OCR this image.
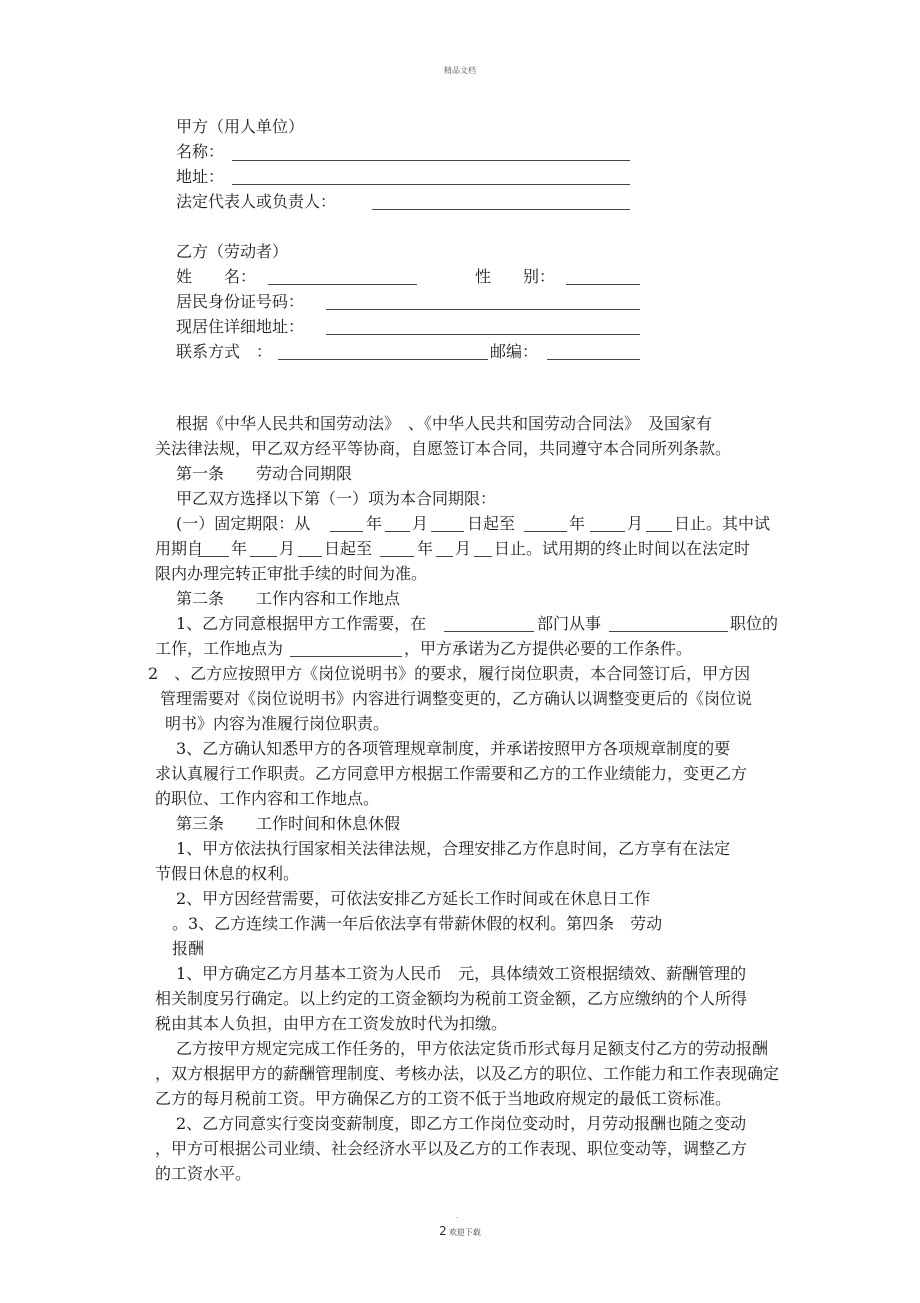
精品文档
甲方（用人单位）
名称：
地址：
法定代表人或负责人：
乙方（劳动者）
姓　　名：	性　　别：
居民身份证号码：
现居住详细地址：
联系方式　：	邮编：
根据《中华人民共和国劳动法》　、《中华人民共和国劳动合同法》　及国家有
关法律法规，甲乙双方经平等协商，自愿签订本合同，共同遵守本合同所列条款。
第一条　　劳动合同期限
甲乙双方选择以下第（一）项为本合同期限：
(一）固定期限：从	年 月 日起至	年	月 日止。其中试
用期自 年 月 日起至	年 月 日止。试用期的终止时间以在法定时
限内办理完转正审批手续的时间为准。
第二条　　工作内容和工作地点
1、乙方同意根据甲方工作需要，在	部门从事	职位的
工作，工作地点为	，甲方承诺为乙方提供必要的工作条件。
2　、乙方应按照甲方《岗位说明书》的要求，履行岗位职责，本合同签订后，甲方因
管理需要对《岗位说明书》内容进行调整变更的，乙方确认以调整变更后的《岗位说
明书》内容为准履行岗位职责。
3、乙方确认知悉甲方的各项管理规章制度，并承诺按照甲方各项规章制度的要
求认真履行工作职责。乙方同意甲方根据工作需要和乙方的工作业绩能力，变更乙方
的职位、工作内容和工作地点。
第三条　　工作时间和休息休假
1、甲方依法执行国家相关法律法规，合理安排乙方作息时间，乙方享有在法定
节假日休息的权利。
2、甲方因经营需要，可依法安排乙方延长工作时间或在休息日工作
。3、乙方连续工作满一年后依法享有带薪休假的权利。第四条　劳动
报酬
1、甲方确定乙方月基本工资为人民币　元，具体绩效工资根据绩效、薪酬管理的
相关制度另行确定。以上约定的工资金额均为税前工资金额，乙方应缴纳的个人所得
税由其本人负担，由甲方在工资发放时代为扣缴。
乙方按甲方规定完成工作任务的，甲方依法定货币形式每月足额支付乙方的劳动报酬
，双方根据甲方的薪酬管理制度、考核办法，以及乙方的职位、工作能力和工作表现确定
乙方的每月税前工资。甲方确保乙方的工资不低于当地政府规定的最低工资标准。
2、乙方同意实行变岗变薪制度，即乙方工作岗位变动时，月劳动报酬也随之变动
，甲方可根据公司业绩、社会经济水平以及乙方的工作表现、职位变动等，调整乙方
的工资水平。
.
2 欢迎下载
